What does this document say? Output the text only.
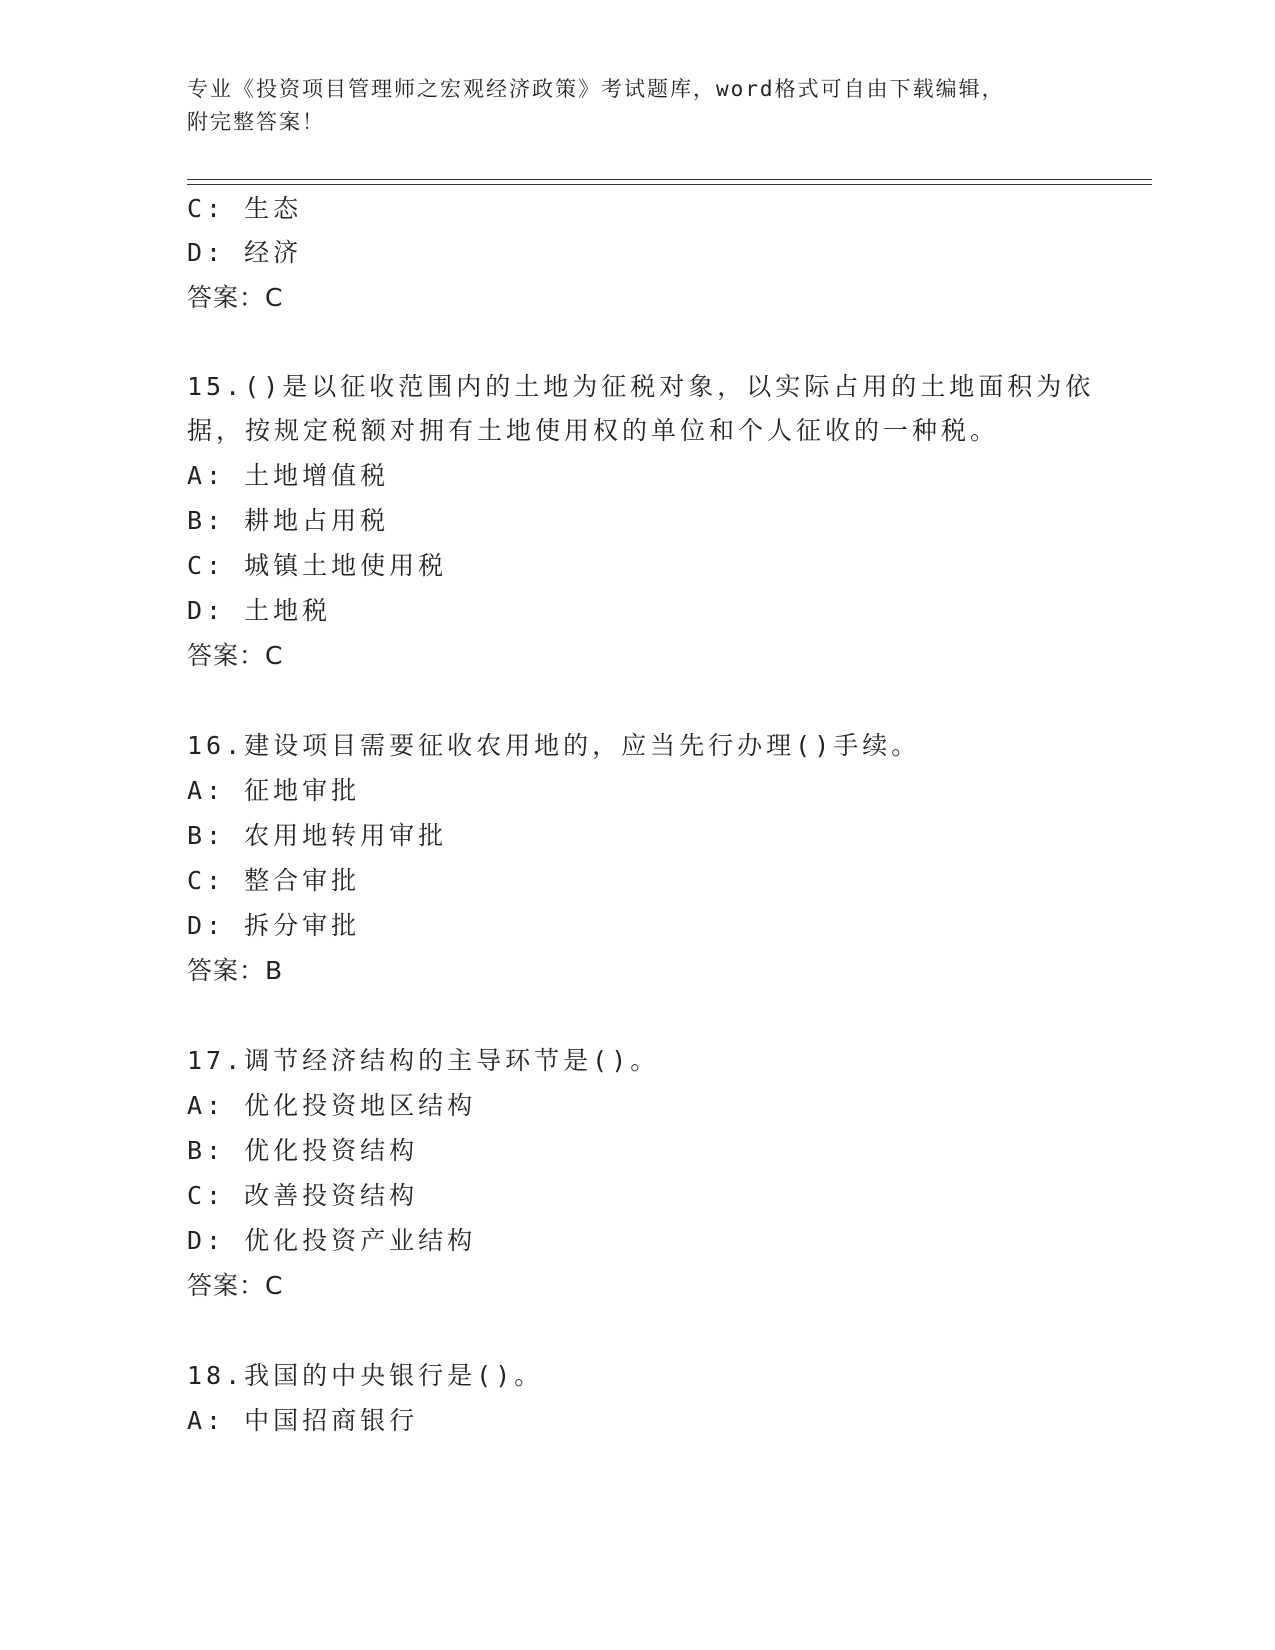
专业《投资项目管理师之宏观经济政策》考试题库，word格式可自由下载编辑，
附完整答案！
C: 生态
D: 经济
答案：C
15.()是以征收范围内的土地为征税对象，以实际占用的土地面积为依
据，按规定税额对拥有土地使用权的单位和个人征收的一种税。
A: 土地增值税
B: 耕地占用税
C: 城镇土地使用税
D: 土地税
答案：C
16.建设项目需要征收农用地的，应当先行办理()手续。
A: 征地审批
B: 农用地转用审批
C: 整合审批
D: 拆分审批
答案：B
17.调节经济结构的主导环节是()。
A: 优化投资地区结构
B: 优化投资结构
C: 改善投资结构
D: 优化投资产业结构
答案：C
18.我国的中央银行是()。
A: 中国招商银行
